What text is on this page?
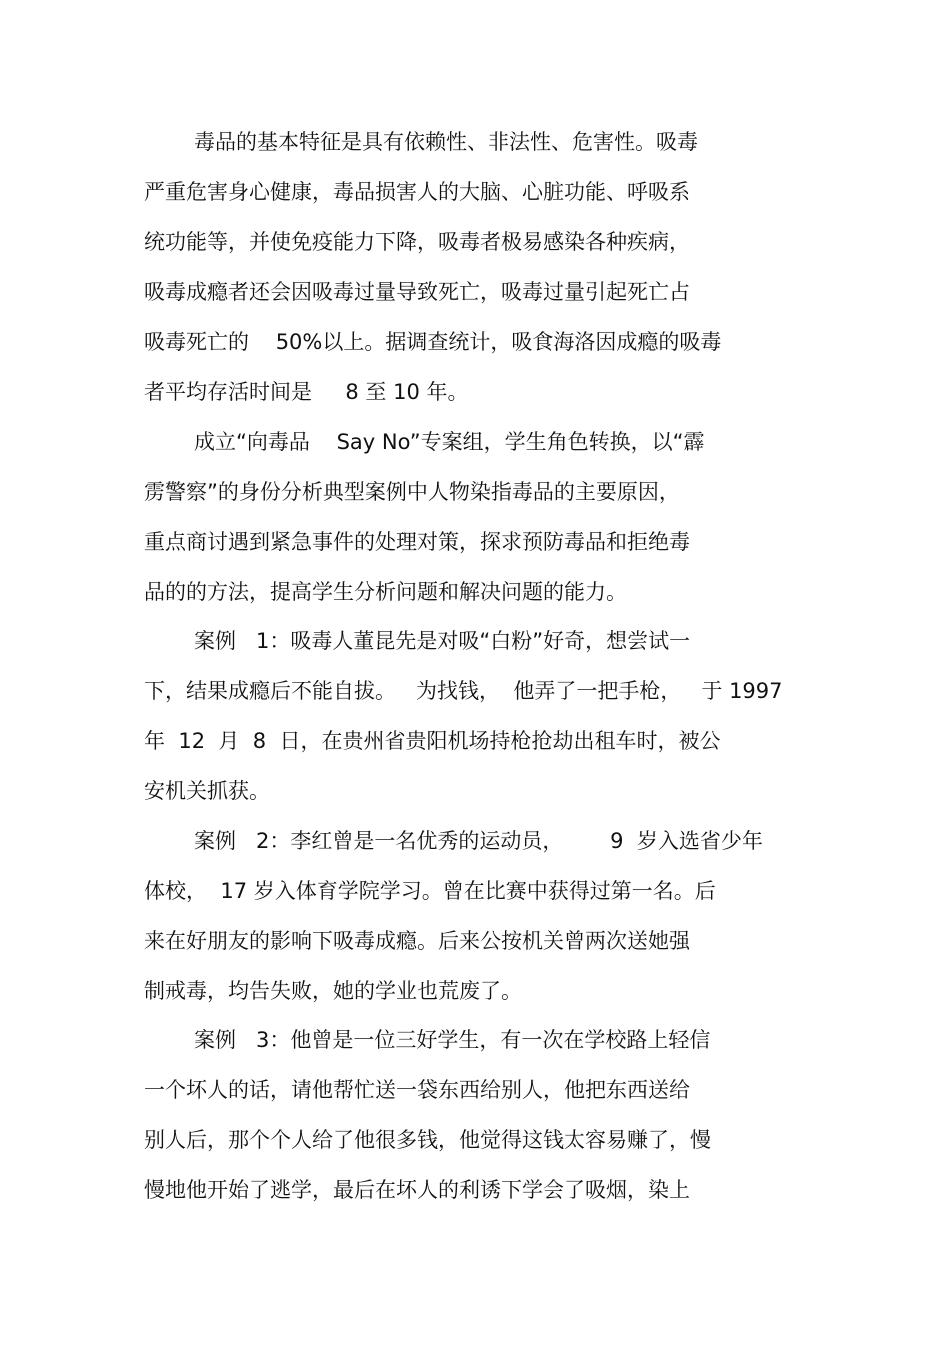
毒品的基本特征是具有依赖性、非法性、危害性。吸毒
严重危害身心健康，毒品损害人的大脑、心脏功能、呼吸系
统功能等，并使免疫能力下降，吸毒者极易感染各种疾病，
吸毒成瘾者还会因吸毒过量导致死亡，吸毒过量引起死亡占
吸毒死亡的    50%以上。据调查统计，吸食海洛因成瘾的吸毒
者平均存活时间是     8 至 10 年。
成立“向毒品    Say No”专案组，学生角色转换，以“霹
雳警察”的身份分析典型案例中人物染指毒品的主要原因，
重点商讨遇到紧急事件的处理对策，探求预防毒品和拒绝毒
品的的方法，提高学生分析问题和解决问题的能力。
案例   1：吸毒人董昆先是对吸“白粉”好奇，想尝试一
下，结果成瘾后不能自拔。   为找钱，  他弄了一把手枪，   于 1997
年  12  月  8  日，在贵州省贵阳机场持枪抢劫出租车时，被公
安机关抓获。
案例   2：李红曾是一名优秀的运动员，       9  岁入选省少年
体校，  17 岁入体育学院学习。曾在比赛中获得过第一名。后
来在好朋友的影响下吸毒成瘾。后来公按机关曾两次送她强
制戒毒，均告失败，她的学业也荒废了。
案例   3：他曾是一位三好学生，有一次在学校路上轻信
一个坏人的话，请他帮忙送一袋东西给别人，他把东西送给
别人后，那个个人给了他很多钱，他觉得这钱太容易赚了，慢
慢地他开始了逃学，最后在坏人的利诱下学会了吸烟，染上
